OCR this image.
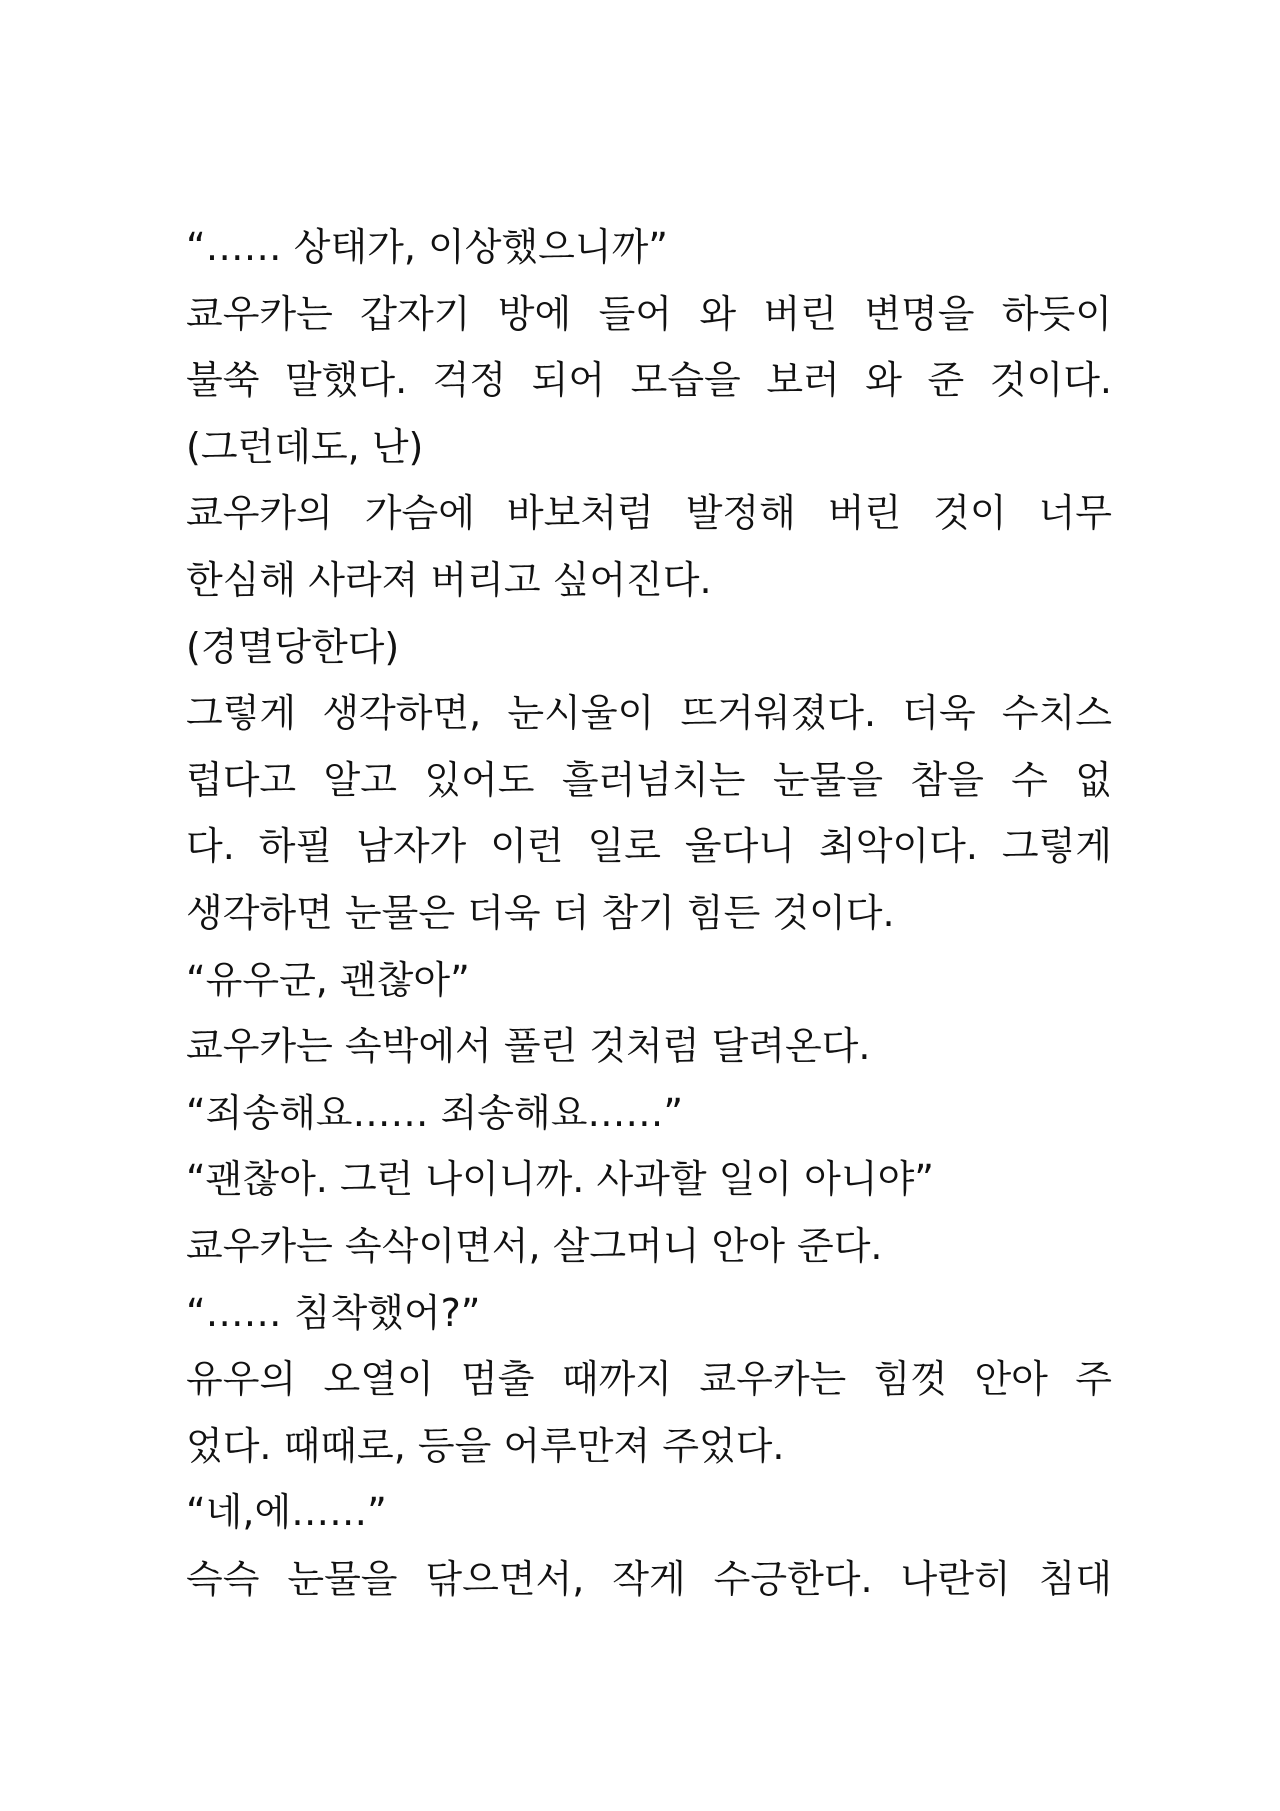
“…… 상태가, 이상했으니까”
쿄우카는 갑자기 방에 들어 와 버린 변명을 하듯이
불쑥 말했다. 걱정 되어 모습을 보러 와 준 것이다.
(그런데도, 난)
쿄우카의 가슴에 바보처럼 발정해 버린 것이 너무
한심해 사라져 버리고 싶어진다.
(경멸당한다)
그렇게 생각하면, 눈시울이 뜨거워졌다. 더욱 수치스
럽다고 알고 있어도 흘러넘치는 눈물을 참을 수 없
다. 하필 남자가 이런 일로 울다니 최악이다. 그렇게
생각하면 눈물은 더욱 더 참기 힘든 것이다.
“유우군, 괜찮아”
쿄우카는 속박에서 풀린 것처럼 달려온다.
“죄송해요…… 죄송해요……”
“괜찮아. 그런 나이니까. 사과할 일이 아니야”
쿄우카는 속삭이면서, 살그머니 안아 준다.
“…… 침착했어?”
유우의 오열이 멈출 때까지 쿄우카는 힘껏 안아 주
었다. 때때로, 등을 어루만져 주었다.
“네,에……”
슥슥 눈물을 닦으면서, 작게 수긍한다. 나란히 침대
